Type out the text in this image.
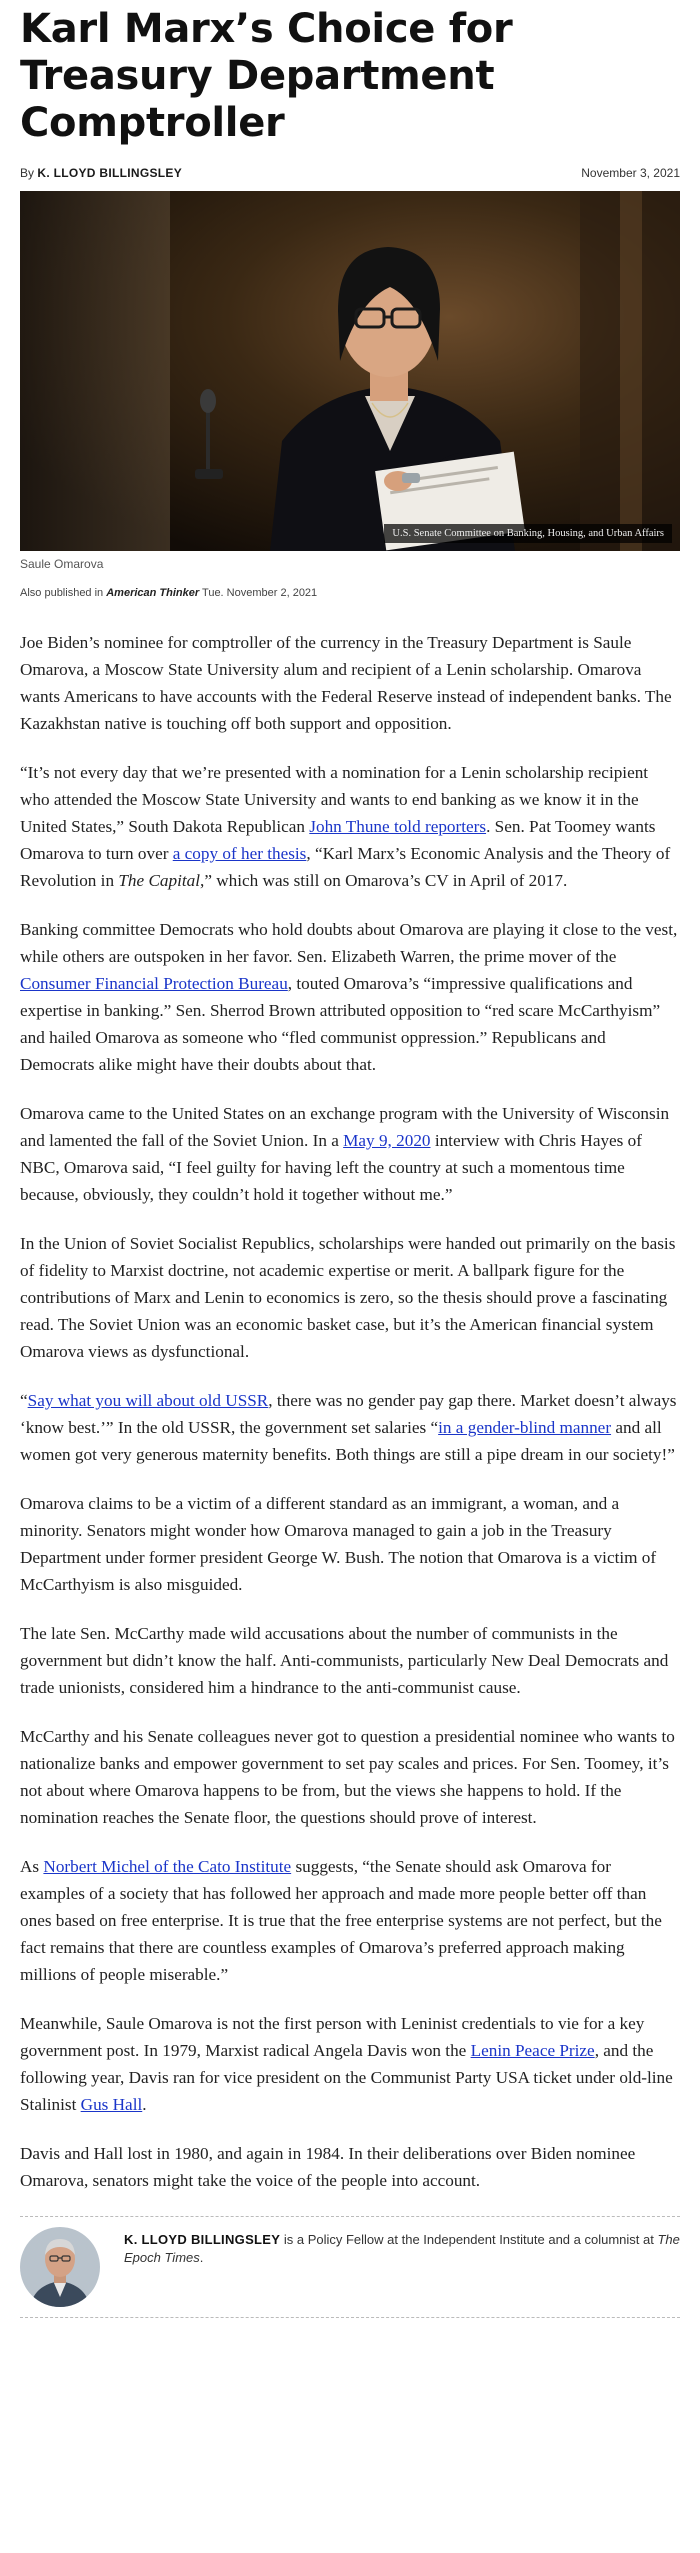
Karl Marx’s Choice for Treasury Department Comptroller
By K. LLOYD BILLINGSLEY	November 3, 2021
U.S. Senate Committee on Banking, Housing, and Urban Affairs
Saule Omarova
Also published in American Thinker Tue. November 2, 2021

Joe Biden’s nominee for comptroller of the currency in the Treasury Department is Saule Omarova, a Moscow State University alum and recipient of a Lenin scholarship. Omarova wants Americans to have accounts with the Federal Reserve instead of independent banks. The Kazakhstan native is touching off both support and opposition.

“It’s not every day that we’re presented with a nomination for a Lenin scholarship recipient who attended the Moscow State University and wants to end banking as we know it in the United States,” South Dakota Republican John Thune told reporters. Sen. Pat Toomey wants Omarova to turn over a copy of her thesis, “Karl Marx’s Economic Analysis and the Theory of Revolution in The Capital,” which was still on Omarova’s CV in April of 2017.

Banking committee Democrats who hold doubts about Omarova are playing it close to the vest, while others are outspoken in her favor. Sen. Elizabeth Warren, the prime mover of the Consumer Financial Protection Bureau, touted Omarova’s “impressive qualifications and expertise in banking.” Sen. Sherrod Brown attributed opposition to “red scare McCarthyism” and hailed Omarova as someone who “fled communist oppression.” Republicans and Democrats alike might have their doubts about that.

Omarova came to the United States on an exchange program with the University of Wisconsin and lamented the fall of the Soviet Union. In a May 9, 2020 interview with Chris Hayes of NBC, Omarova said, “I feel guilty for having left the country at such a momentous time because, obviously, they couldn’t hold it together without me.”

In the Union of Soviet Socialist Republics, scholarships were handed out primarily on the basis of fidelity to Marxist doctrine, not academic expertise or merit. A ballpark figure for the contributions of Marx and Lenin to economics is zero, so the thesis should prove a fascinating read. The Soviet Union was an economic basket case, but it’s the American financial system Omarova views as dysfunctional.

“Say what you will about old USSR, there was no gender pay gap there. Market doesn’t always ‘know best.’” In the old USSR, the government set salaries “in a gender-blind manner and all women got very generous maternity benefits. Both things are still a pipe dream in our society!”

Omarova claims to be a victim of a different standard as an immigrant, a woman, and a minority. Senators might wonder how Omarova managed to gain a job in the Treasury Department under former president George W. Bush. The notion that Omarova is a victim of McCarthyism is also misguided.

The late Sen. McCarthy made wild accusations about the number of communists in the government but didn’t know the half. Anti-communists, particularly New Deal Democrats and trade unionists, considered him a hindrance to the anti-communist cause.

McCarthy and his Senate colleagues never got to question a presidential nominee who wants to nationalize banks and empower government to set pay scales and prices. For Sen. Toomey, it’s not about where Omarova happens to be from, but the views she happens to hold. If the nomination reaches the Senate floor, the questions should prove of interest.

As Norbert Michel of the Cato Institute suggests, “the Senate should ask Omarova for examples of a society that has followed her approach and made more people better off than ones based on free enterprise. It is true that the free enterprise systems are not perfect, but the fact remains that there are countless examples of Omarova’s preferred approach making millions of people miserable.”

Meanwhile, Saule Omarova is not the first person with Leninist credentials to vie for a key government post. In 1979, Marxist radical Angela Davis won the Lenin Peace Prize, and the following year, Davis ran for vice president on the Communist Party USA ticket under old-line Stalinist Gus Hall.

Davis and Hall lost in 1980, and again in 1984. In their deliberations over Biden nominee Omarova, senators might take the voice of the people into account.

K. LLOYD BILLINGSLEY is a Policy Fellow at the Independent Institute and a columnist at The Epoch Times.
